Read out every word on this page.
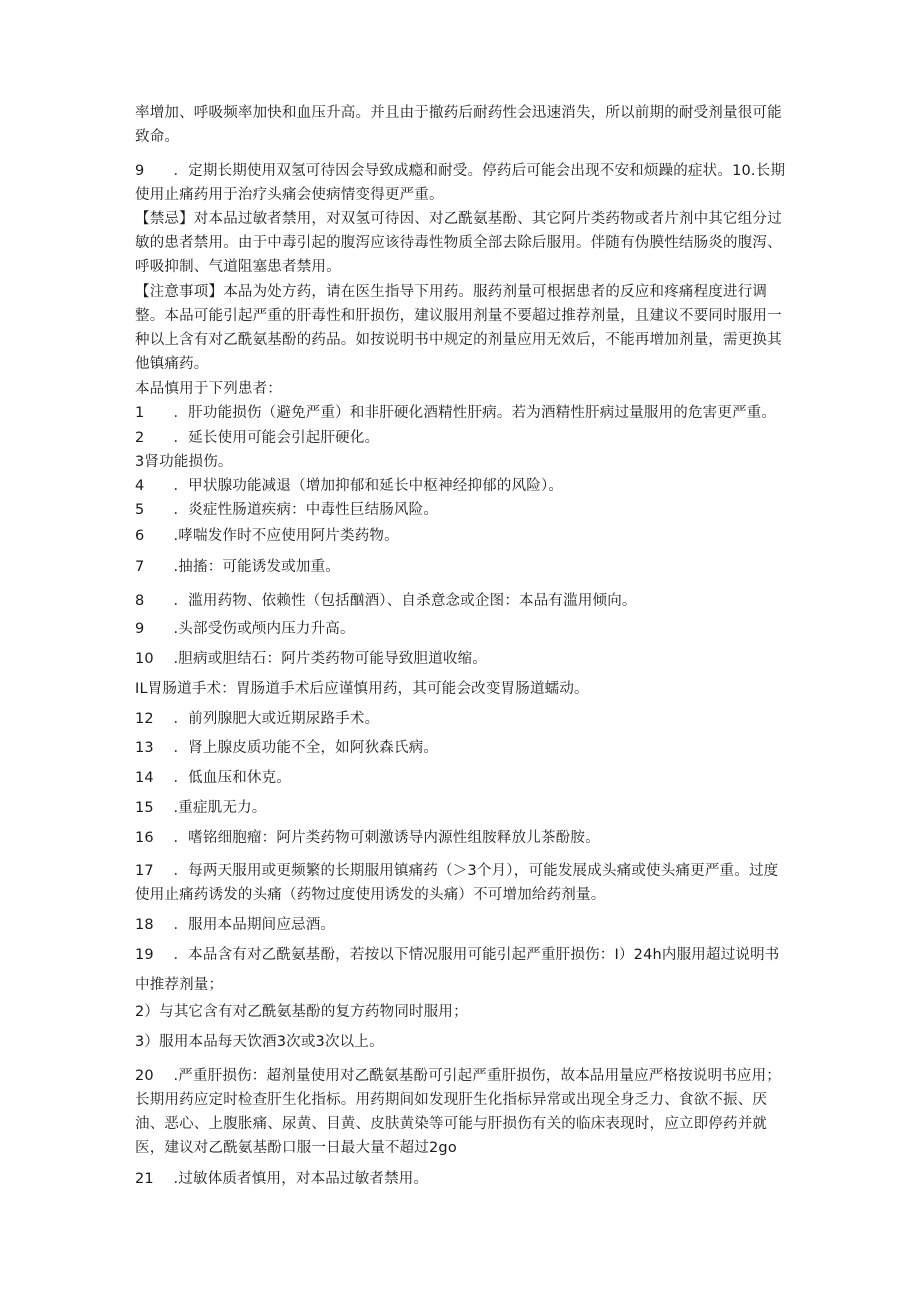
率增加、呼吸频率加快和血压升高。并且由于撤药后耐药性会迅速消失，所以前期的耐受剂量很可能致命。
9	．定期长期使用双氢可待因会导致成瘾和耐受。停药后可能会出现不安和烦躁的症状。10.长期使用止痛药用于治疗头痛会使病情变得更严重。
【禁忌】对本品过敏者禁用，对双氢可待因、对乙酰氨基酚、其它阿片类药物或者片剂中其它组分过敏的患者禁用。由于中毒引起的腹泻应该待毒性物质全部去除后服用。伴随有伪膜性结肠炎的腹泻、呼吸抑制、气道阻塞患者禁用。
【注意事项】本品为处方药，请在医生指导下用药。服药剂量可根据患者的反应和疼痛程度进行调整。本品可能引起严重的肝毒性和肝损伤，建议服用剂量不要超过推荐剂量，且建议不要同时服用一种以上含有对乙酰氨基酚的药品。如按说明书中规定的剂量应用无效后，不能再增加剂量，需更换其他镇痛药。
本品慎用于下列患者：
1	．肝功能损伤（避免严重）和非肝硬化酒精性肝病。若为酒精性肝病过量服用的危害更严重。
2	．延长使用可能会引起肝硬化。
3肾功能损伤。
4	．甲状腺功能减退（增加抑郁和延长中枢神经抑郁的风险）。
5	．炎症性肠道疾病：中毒性巨结肠风险。
6	.哮喘发作时不应使用阿片类药物。
7	.抽搐：可能诱发或加重。
8	．滥用药物、依赖性（包括酗酒）、自杀意念或企图：本品有滥用倾向。
9	.头部受伤或颅内压力升高。
10	.胆病或胆结石：阿片类药物可能导致胆道收缩。
IL胃肠道手术：胃肠道手术后应谨慎用药，其可能会改变胃肠道蠕动。
12	．前列腺肥大或近期尿路手术。
13	．肾上腺皮质功能不全，如阿狄森氏病。
14	．低血压和休克。
15	.重症肌无力。
16	．嗜铭细胞瘤：阿片类药物可刺激诱导内源性组胺释放儿茶酚胺。
17	．每两天服用或更频繁的长期服用镇痛药（＞3个月），可能发展成头痛或使头痛更严重。过度使用止痛药诱发的头痛（药物过度使用诱发的头痛）不可增加给药剂量。
18	．服用本品期间应忌酒。
19	．本品含有对乙酰氨基酚，若按以下情况服用可能引起严重肝损伤：I）24h内服用超过说明书中推荐剂量；
2）与其它含有对乙酰氨基酚的复方药物同时服用；
3）服用本品每天饮酒3次或3次以上。
20	.严重肝损伤：超剂量使用对乙酰氨基酚可引起严重肝损伤，故本品用量应严格按说明书应用；长期用药应定时检查肝生化指标。用药期间如发现肝生化指标异常或出现全身乏力、食欲不振、厌油、恶心、上腹胀痛、尿黄、目黄、皮肤黄染等可能与肝损伤有关的临床表现时，应立即停药并就医，建议对乙酰氨基酚口服一日最大量不超过2go
21	.过敏体质者慎用，对本品过敏者禁用。
